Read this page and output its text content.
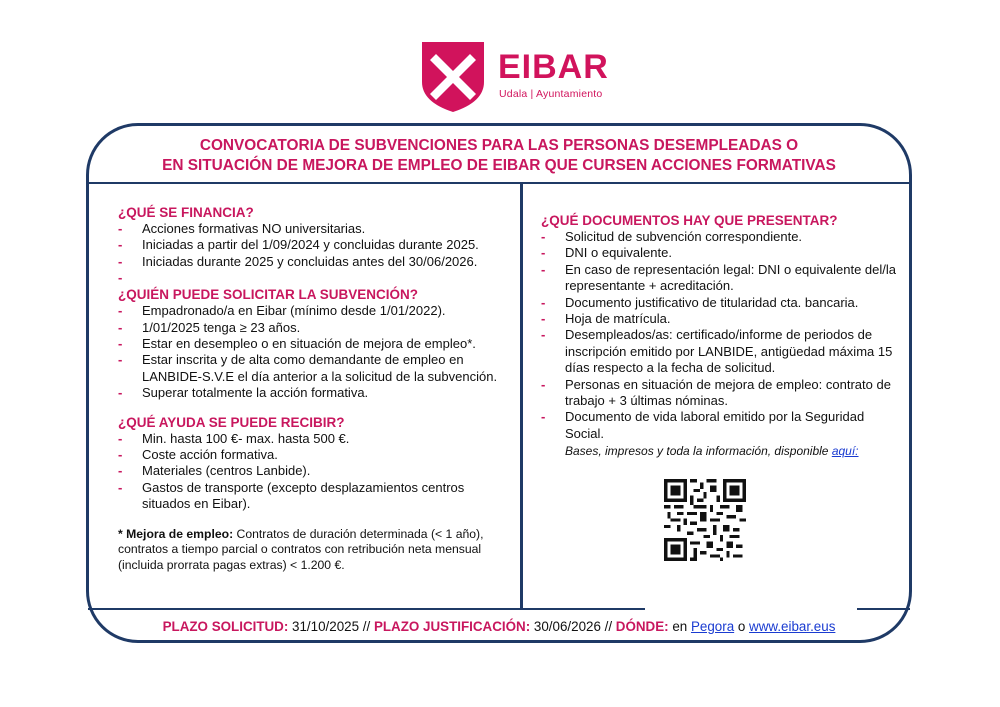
EIBAR
Udala | Ayuntamiento
CONVOCATORIA DE SUBVENCIONES PARA LAS PERSONAS DESEMPLEADAS O
EN SITUACIÓN DE MEJORA DE EMPLEO DE EIBAR QUE CURSEN ACCIONES FORMATIVAS
¿QUÉ SE FINANCIA?
- Acciones formativas NO universitarias.
- Iniciadas a partir del 1/09/2024 y concluidas durante 2025.
- Iniciadas durante 2025 y concluidas antes del 30/06/2026.
-
¿QUIÉN PUEDE SOLICITAR LA SUBVENCIÓN?
- Empadronado/a en Eibar (mínimo desde 1/01/2022).
- 1/01/2025 tenga ≥ 23 años.
- Estar en desempleo o en situación de mejora de empleo*.
- Estar inscrita y de alta como demandante de empleo en LANBIDE-S.V.E el día anterior a la solicitud de la subvención.
- Superar totalmente la acción formativa.
¿QUÉ AYUDA SE PUEDE RECIBIR?
- Min. hasta 100 €- max. hasta 500 €.
- Coste acción formativa.
- Materiales (centros Lanbide).
- Gastos de transporte (excepto desplazamientos centros situados en Eibar).
* Mejora de empleo: Contratos de duración determinada (< 1 año), contratos a tiempo parcial o contratos con retribución neta mensual (incluida prorrata pagas extras) < 1.200 €.
¿QUÉ DOCUMENTOS HAY QUE PRESENTAR?
- Solicitud de subvención correspondiente.
- DNI o equivalente.
- En caso de representación legal: DNI o equivalente del/la representante + acreditación.
- Documento justificativo de titularidad cta. bancaria.
- Hoja de matrícula.
- Desempleados/as: certificado/informe de periodos de inscripción emitido por LANBIDE, antigüedad máxima 15 días respecto a la fecha de solicitud.
- Personas en situación de mejora de empleo: contrato de trabajo + 3 últimas nóminas.
- Documento de vida laboral emitido por la Seguridad Social.
Bases, impresos y toda la información, disponible aquí:
PLAZO SOLICITUD: 31/10/2025 // PLAZO JUSTIFICACIÓN: 30/06/2026 // DÓNDE: en Pegora o www.eibar.eus
